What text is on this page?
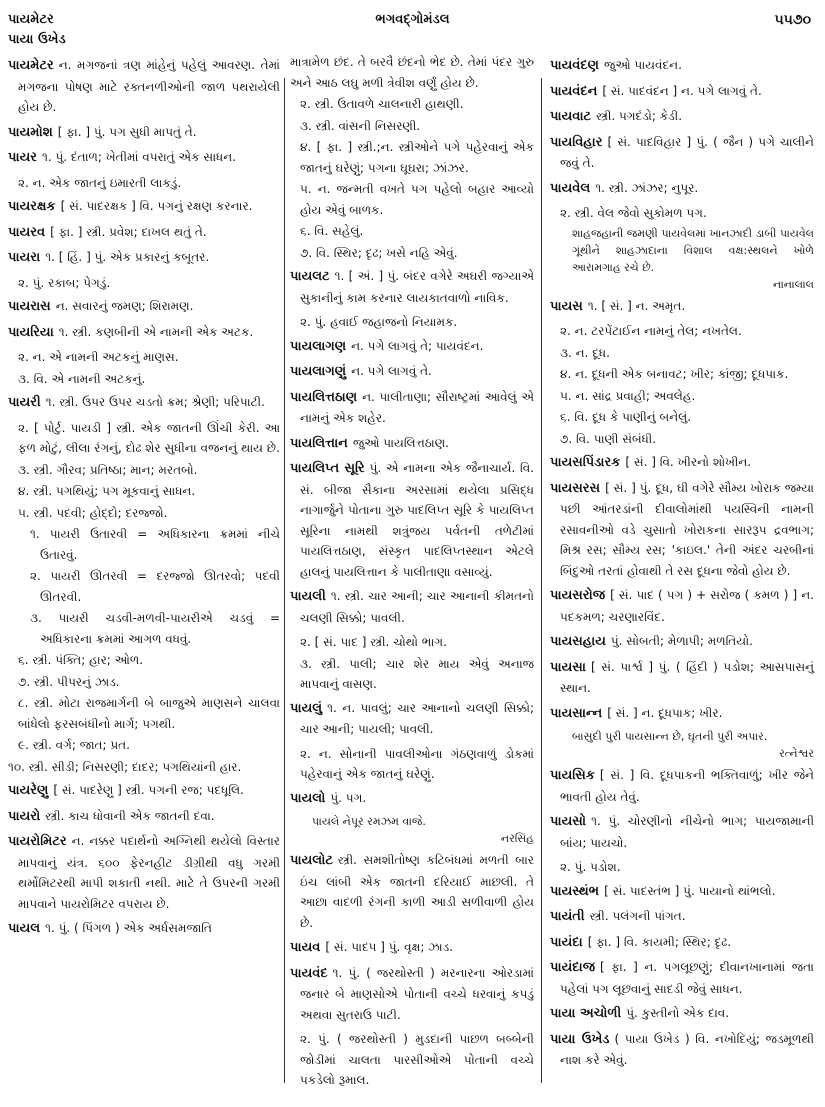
પાયમેટર
પાયા ઉખેડ
ભગવદ્ગોમંડલ	૫૫૭૦
પાયમેટર ન. મગજનાં ત્રણ માંહેનું પહેલું આવરણ. તેમાં મગજના પોષણ માટે રક્તનળીઓની જાળ પથરાયેલી હોય છે.
પાયમોશ [ ફા. ] પું. પગ સુધી માપતું તે.
પાયર ૧. પું. દંતાળ; ખેતીમાં વપરાતું એક સાધન.
૨. ન. એક જાતનું ઇમારતી લાકડું.
પાયરક્ષક [ સં. પાદરક્ષક ] વિ. પગનું રક્ષણ કરનાર.
પાયરવ [ ફા. ] સ્ત્રી. પ્રવેશ; દાખલ થતું તે.
પાયરા ૧. [ હિં. ] પું. એક પ્રકારનું કબૂતર.
૨. પું. રકાબ; પેગડું.
પાયરાસ ન. સવારનું જમણ; શિરામણ.
પાયરિયા ૧. સ્ત્રી. કણબીની એ નામની એક અટક.
૨. ન. એ નામની અટકનું માણસ.
૩. વિ. એ નામની અટકનું.
પાયરી ૧. સ્ત્રી. ઉપર ઉપર ચડતો ક્રમ; શ્રેણી; પરિપાટી.
૨. [ પોર્ટુ. પાયડી ] સ્ત્રી. એક જાતની ઊંચી કેરી. આ ફળ મોટું, લીલા રંગનું, દોઢ શેર સુધીના વજનનું થાય છે.
૩. સ્ત્રી. ગૌરવ; પ્રતિષ્ઠા; માન; મરતબો.
૪. સ્ત્રી. પગથિયું; પગ મૂકવાનું સાધન.
૫. સ્ત્રી. પદવી; હોદ્દો; દરજ્જો.
૧. પાયરી ઉતારવી = અધિકારના ક્રમમાં નીચે ઉતારવું.
૨. પાયરી ઊતરવી = દરજ્જો ઊતરવો; પદવી ઊતરવી.
૩. પાયરી ચડવી-મળવી-પાયરીએ ચડવું = અધિકારના ક્રમમાં આગળ વધવું.
૬. સ્ત્રી. પંક્તિ; હાર; ઓળ.
૭. સ્ત્રી. પીપરનું ઝાડ.
૮. સ્ત્રી. મોટા રાજમાર્ગની બે બાજુએ માણસને ચાલવા બાંધેલો ફરસબંધીનો માર્ગ; પગથી.
૯. સ્ત્રી. વર્ગ; જાત; પ્રત.
૧૦. સ્ત્રી. સીડી; નિસરણી; દાદર; પગથિયાંની હાર.
પાયરેણુ [ સં. પાદરેણુ ] સ્ત્રી. પગની રજ; પદધૂલિ.
પાયરો સ્ત્રી. કાચ ધોવાની એક જાતની દવા.
પાયરોમિટર ન. નક્કર પદાર્થનો અગ્નિથી થયેલો વિસ્તાર માપવાનું યંત્ર. ૬૦૦ ફેરનહીટ ડીગ્રીથી વધુ ગરમી થર્મોમિટરથી માપી શકાતી નથી. માટે તે ઉપરની ગરમી માપવાને પાયરોમિટર વપરાય છે.
પાયલ ૧. પું. ( પિંગળ ) એક અર્ધસમજાતિ
માત્રામેળ છંદ. તે બરવૈ છંદનો ભેદ છે. તેમાં પંદર ગુરુ અને આઠ લઘુ મળી ત્રેવીશ વર્ણું હોય છે.
૨. સ્ત્રી. ઉતાવળે ચાલનારી હાથણી.
૩. સ્ત્રી. વાંસની નિસરણી.
૪. [ ફા. ] સ્ત્રી.;ન. સ્ત્રીઓને પગે પહેરવાનું એક જાતનું ઘરેણું; પગના ઘૂઘરા; ઝાંઝર.
૫. ન. જન્મતી વખતે પગ પહેલો બહાર આવ્યો હોય એવું બાળક.
૬. વિ. સહેલું.
૭. વિ. સ્થિર; દૃઢ; ખસે નહિ એવું.
પાયલટ ૧. [ અં. ] પું. બંદર વગેરે અઘરી જગ્યાએ સુકાનીનું કામ કરનાર લાયકાતવાળો નાવિક.
૨. પું. હવાઈ જહાજનો નિયામક.
પાયલાગણ ન. પગે લાગવું તે; પાયવંદન.
પાયલાગણું ન. પગે લાગવું તે.
પાયલિત્તઠાણ ન. પાલીતાણા; સૌરાષ્ટ્રમાં આવેલું એ નામનું એક શહેર.
પાયલિત્તાન જુઓ પાયલિત્તઠાણ.
પાયલિપ્ત સૂરિ પું. એ નામના એક જૈનાચાર્ય. વિ. સં. બીજા સૈકાના અરસામાં થયેલા પ્રસિદ્ધ નાગાર્જુને પોતાના ગુરુ પાદલિપ્ત સૂરિ કે પાયલિપ્ત સૂરિના નામથી શત્રુંજય પર્વતની તળેટીમાં પાયલિત્તઠાણ, સંસ્કૃત પાદલિપ્તસ્થાન એટલે હાલનું પાયલિત્તાન કે પાલીતાણા વસાવ્યું.
પાયલી ૧. સ્ત્રી. ચાર આની; ચાર આનાની કીમતનો ચલણી સિક્કો; પાવલી.
૨. [ સં. પાદ ] સ્ત્રી. ચોથો ભાગ.
૩. સ્ત્રી. પાલી; ચાર શેર માય એવું અનાજ માપવાનું વાસણ.
પાયલું ૧. ન. પાવલું; ચાર આનાનો ચલણી સિક્કો; ચાર આની; પાયલી; પાવલી.
૨. ન. સોનાની પાવલીઓના ગંઠણવાળું ડોકમાં પહેરવાનું એક જાતનું ઘરેણું.
પાયલો પું. પગ.
પાયલે નેપૂર રમઝમ વાજે.
નરસિંહ
પાયલોટ સ્ત્રી. સમશીતોષ્ણ કટિબંધમાં મળતી બાર ઇંચ લાંબી એક જાતની દરિયાઈ માછલી. તે આછા વાદળી રંગની કાળી આડી સળીવાળી હોય છે.
પાયવ [ સં. પાદપ ] પું. વૃક્ષ; ઝાડ.
પાયવંદ ૧. પું. ( જરથોસ્તી ) મરનારના ઓરડામાં જનાર બે માણસોએ પોતાની વચ્ચે ધરવાનું કપડું અથવા સુતરાઉ પાટી.
૨. પું. ( જરથોસ્તી ) મુડદાની પાછળ બબ્બેની જોડીમાં ચાલતા પારસીઓએ પોતાની વચ્ચે પકડેલો રૂમાલ.
પાયવંદણ જુઓ પાયવંદન.
પાયવંદન [ સં. પાદવંદન ] ન. પગે લાગવું તે.
પાયવાટ સ્ત્રી. પગદંડો; કેડી.
પાયવિહાર [ સં. પાદવિહાર ] પું. ( જૈન ) પગે ચાલીને જવું તે.
પાયવેલ ૧. સ્ત્રી. ઝાંઝર; નુપૂર.
૨. સ્ત્રી. વેલ જેવો સુકોમળ પગ.
શાહજહાની જમણી પાયવેલમાં ખાનઝાદી ડાબી પાયવેલ ગૂંથીને શાહઝાદાના વિશાલ વક્ષ:સ્થલને ખોળે આરામગાહ રચે છે.
નાનાલાલ
પાયસ ૧. [ સં. ] ન. અમૃત.
૨. ન. ટરપેંટાઈન નામનું તેલ; નખતેલ.
૩. ન. દૂધ.
૪. ન. દૂધની એક બનાવટ; ખીર; કાંજી; દૂધપાક.
૫. ન. સાંદ્ર પ્રવાહી; અવલેહ.
૬. વિ. દૂધ કે પાણીનું બનેલું.
૭. વિ. પાણી સંબંધી.
પાયસપિંડારક [ સં. ] વિ. ખીરનો શોખીન.
પાયસરસ [ સં. ] પું. દૂધ, ઘી વગેરે સૌમ્ય ખોરાક જમ્યા પછી આંતરડાંની દીવાલોમાંથી પયસ્વિની નામની રસાવનીઓ વડે ચુસાતો ખોરાકના સારરૂપ દ્રવભાગ; મિશ્ર રસ; સૌમ્ય રસ; 'કાઇલ.' તેની અંદર ચરબીનાં બિંદુઓ તરતાં હોવાથી તે રસ દૂધના જેવો હોય છે.
પાયસરોજ [ સં. પાદ ( પગ ) + સરોજ ( કમળ ) ] ન. પદકમળ; ચરણારવિંદ.
પાયસહાય પું. સોબતી; મેળાપી; મળતિયો.
પાયસા [ સં. પાર્શ્વ ] પું. ( હિંદી ) પડોશ; આસપાસનું સ્થાન.
પાયસાન્ન [ સં. ] ન. દૂધપાક; ખીર.
બાસુદી પુરી પાયસાન્ન છે, ઘૃતની પુરી અપાર.
રત્નેશ્વર
પાયસિક [ સં. ] વિ. દૂધપાકની ભક્તિવાળું; ખીર જેને ભાવતી હોય તેવું.
પાયસો ૧. પું. ચોરણીનો નીચેનો ભાગ; પાયજામાની બાંય; પાયચો.
૨. પું. પડોશ.
પાયસ્થંભ [ સં. પાદસ્તંભ ] પું. પાયાનો થાંભલો.
પાયંતી સ્ત્રી. પલંગની પાંગત.
પાયંદા [ ફા. ] વિ. કાયમી; સ્થિર; દૃઢ.
પાયંદાજ [ ફા. ] ન. પગલૂછણું; દીવાનખાનામાં જતા પહેલાં પગ લૂછવાનું સાદડી જેવું સાધન.
પાયા અચોળી પું. કુસ્તીનો એક દાવ.
પાયા ઉખેડ ( પાયા ઉખેડ ) વિ. નખોદિયું; જડમૂળથી નાશ કરે એવું.
